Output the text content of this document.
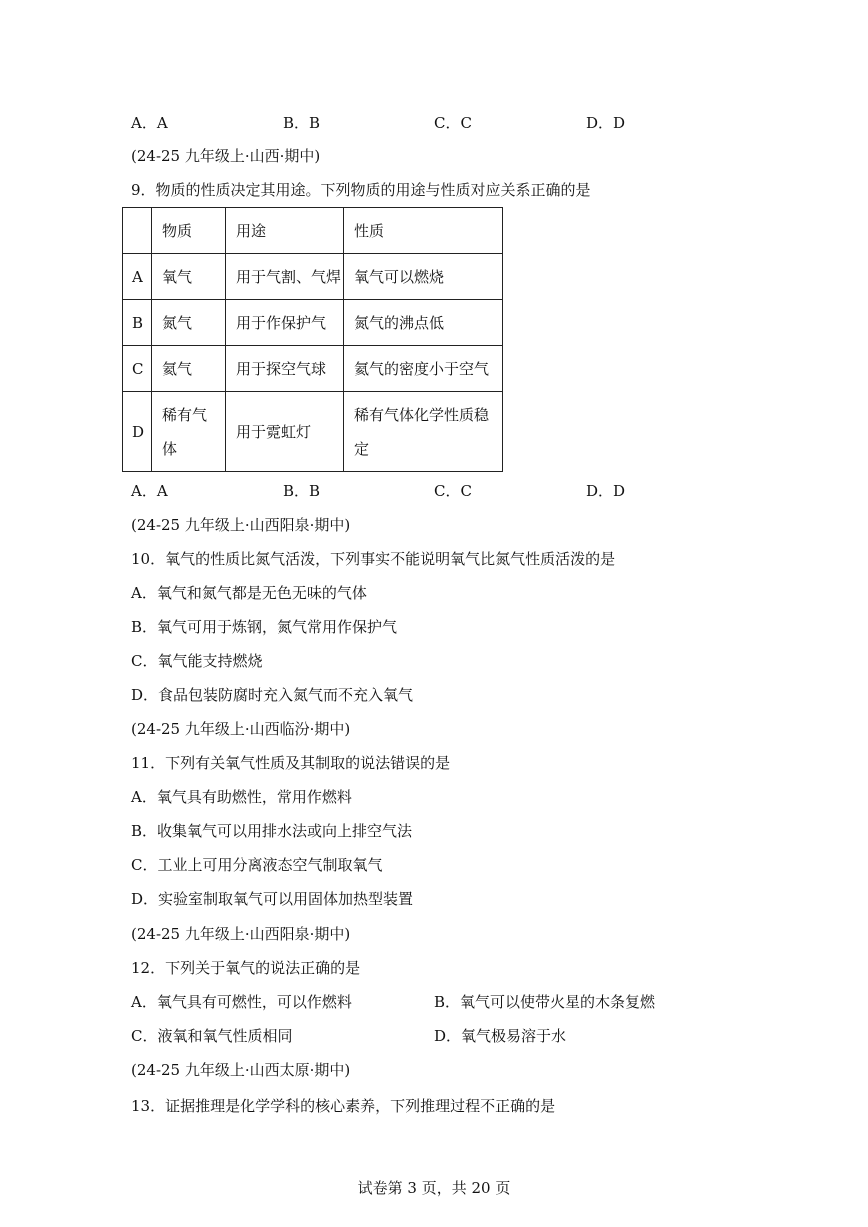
A．A	B．B	C．C	D．D
(24-25 九年级上·山西·期中)
9．物质的性质决定其用途。下列物质的用途与性质对应关系正确的是
	物质	用途	性质
A	氧气	用于气割、气焊	氧气可以燃烧
B	氮气	用于作保护气	氮气的沸点低
C	氦气	用于探空气球	氦气的密度小于空气
D	稀有气体	用于霓虹灯	稀有气体化学性质稳定
A．A	B．B	C．C	D．D
(24-25 九年级上·山西阳泉·期中)
10．氧气的性质比氮气活泼，下列事实不能说明氧气比氮气性质活泼的是
A．氧气和氮气都是无色无味的气体
B．氧气可用于炼钢，氮气常用作保护气
C．氧气能支持燃烧
D．食品包装防腐时充入氮气而不充入氧气
(24-25 九年级上·山西临汾·期中)
11．下列有关氧气性质及其制取的说法错误的是
A．氧气具有助燃性，常用作燃料
B．收集氧气可以用排水法或向上排空气法
C．工业上可用分离液态空气制取氧气
D．实验室制取氧气可以用固体加热型装置
(24-25 九年级上·山西阳泉·期中)
12．下列关于氧气的说法正确的是
A．氧气具有可燃性，可以作燃料	B．氧气可以使带火星的木条复燃
C．液氧和氧气性质相同	D．氧气极易溶于水
(24-25 九年级上·山西太原·期中)
13．证据推理是化学学科的核心素养，下列推理过程不正确的是
试卷第 3 页，共 20 页
